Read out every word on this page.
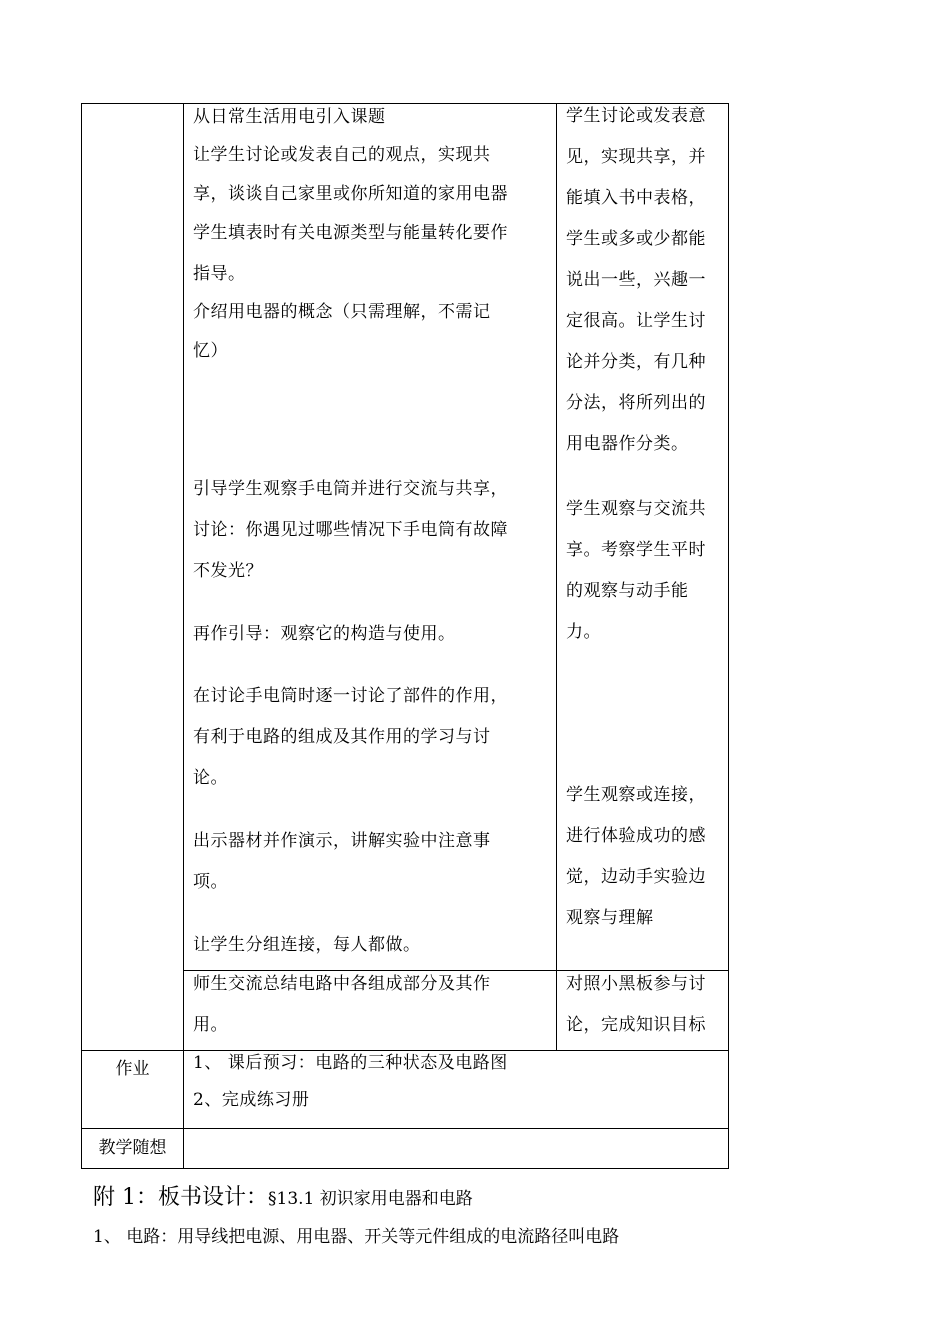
从日常生活用电引入课题

让学生讨论或发表自己的观点，实现共

享，谈谈自己家里或你所知道的家用电器

学生填表时有关电源类型与能量转化要作

指导。

介绍用电器的概念（只需理解，不需记

忆）

引导学生观察手电筒并进行交流与共享，

讨论：你遇见过哪些情况下手电筒有故障

不发光？

再作引导：观察它的构造与使用。

在讨论手电筒时逐一讨论了部件的作用，

有利于电路的组成及其作用的学习与讨

论。

出示器材并作演示，讲解实验中注意事

项。

让学生分组连接，每人都做。

学生讨论或发表意

见，实现共享，并

能填入书中表格，

学生或多或少都能

说出一些，兴趣一

定很高。让学生讨

论并分类，有几种

分法，将所列出的

用电器作分类。

学生观察与交流共

享。考察学生平时

的观察与动手能

力。

学生观察或连接，

进行体验成功的感

觉，边动手实验边

观察与理解

师生交流总结电路中各组成部分及其作

用。

对照小黑板参与讨

论，完成知识目标

作业	1、 课后预习：电路的三种状态及电路图

2、完成练习册

教学随想
附 1：板书设计：§13.1 初识家用电器和电路
1、 电路：用导线把电源、用电器、开关等元件组成的电流路径叫电路
